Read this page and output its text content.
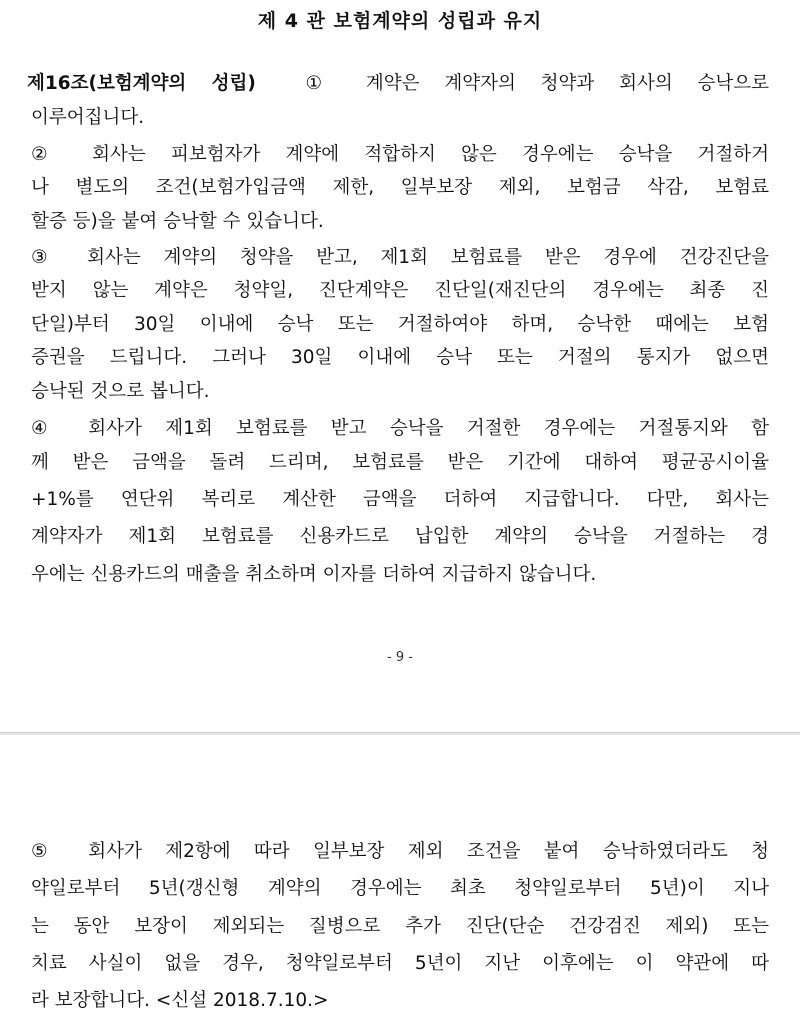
제 4 관 보험계약의 성립과 유지
제16조(보험계약의 성립)	① 계약은 계약자의 청약과 회사의 승낙으로
이루어집니다.
② 회사는 피보험자가 계약에 적합하지 않은 경우에는 승낙을 거절하거
나 별도의 조건(보험가입금액 제한, 일부보장 제외, 보험금 삭감, 보험료
할증 등)을 붙여 승낙할 수 있습니다.
③ 회사는 계약의 청약을 받고, 제1회 보험료를 받은 경우에 건강진단을
받지 않는 계약은 청약일, 진단계약은 진단일(재진단의 경우에는 최종 진
단일)부터 30일 이내에 승낙 또는 거절하여야 하며, 승낙한 때에는 보험
증권을 드립니다. 그러나 30일 이내에 승낙 또는 거절의 통지가 없으면
승낙된 것으로 봅니다.
④ 회사가 제1회 보험료를 받고 승낙을 거절한 경우에는 거절통지와 함
께 받은 금액을 돌려 드리며, 보험료를 받은 기간에 대하여 평균공시이율
+1%를 연단위 복리로 계산한 금액을 더하여 지급합니다. 다만, 회사는
계약자가 제1회 보험료를 신용카드로 납입한 계약의 승낙을 거절하는 경
우에는 신용카드의 매출을 취소하며 이자를 더하여 지급하지 않습니다.
- 9 -
⑤ 회사가 제2항에 따라 일부보장 제외 조건을 붙여 승낙하였더라도 청
약일로부터 5년(갱신형 계약의 경우에는 최초 청약일로부터 5년)이 지나
는 동안 보장이 제외되는 질병으로 추가 진단(단순 건강검진 제외) 또는
치료 사실이 없을 경우, 청약일로부터 5년이 지난 이후에는 이 약관에 따
라 보장합니다. <신설 2018.7.10.>
